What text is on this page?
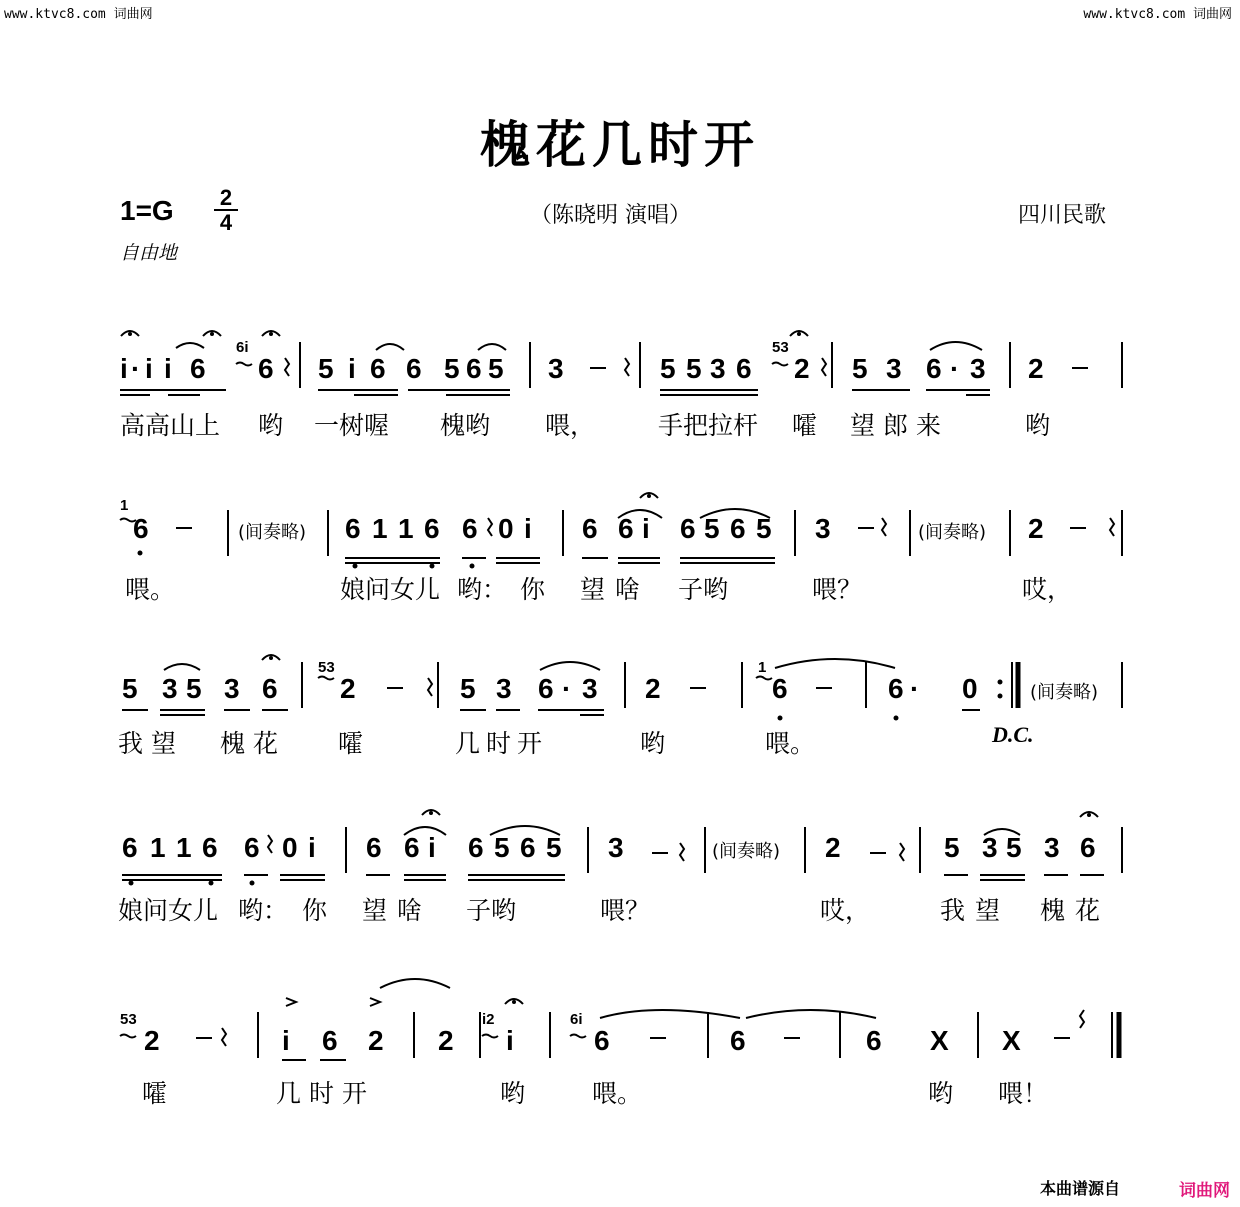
www.ktvc8.com 词曲网	www.ktvc8.com 词曲网
槐花几时开
1=G 2
4
自由地
（陈晓明 演唱）	四川民歌
i · i i 6
6i
6 5 i 6 6 5 6 5 3	5 5 3 6
53
2 5 3 6 · 3 2
高高山上 哟 一树喔 槐哟 喂，	手把拉杆 嚯 望郎来	哟
1
6	(间奏略) 6 1 1 6 6 0 i 6 6 i 6 5 6 5 3	(间奏略) 2
喂。	娘问女儿 哟： 你 望啥 子哟	喂？	哎，
5 3 5 3 6
53
2	5 3 6 · 3 2
1
6	6 · 0	(间奏略)
D.C.
我望 槐花 嚯	几时开	哟	喂。
6 1 1 6 6 0 i 6 6 i 6 5 6 5 3	(间奏略) 2	5 3 5 3 6
娘问女儿 哟： 你 望啥 子哟	喂？	哎，	我望 槐花
53
2	i 6 2 2
i2
i
6i
6	6	6 X X
嚯	几时开	哟	喂。	哟 喂！
本曲谱源自	词曲网
